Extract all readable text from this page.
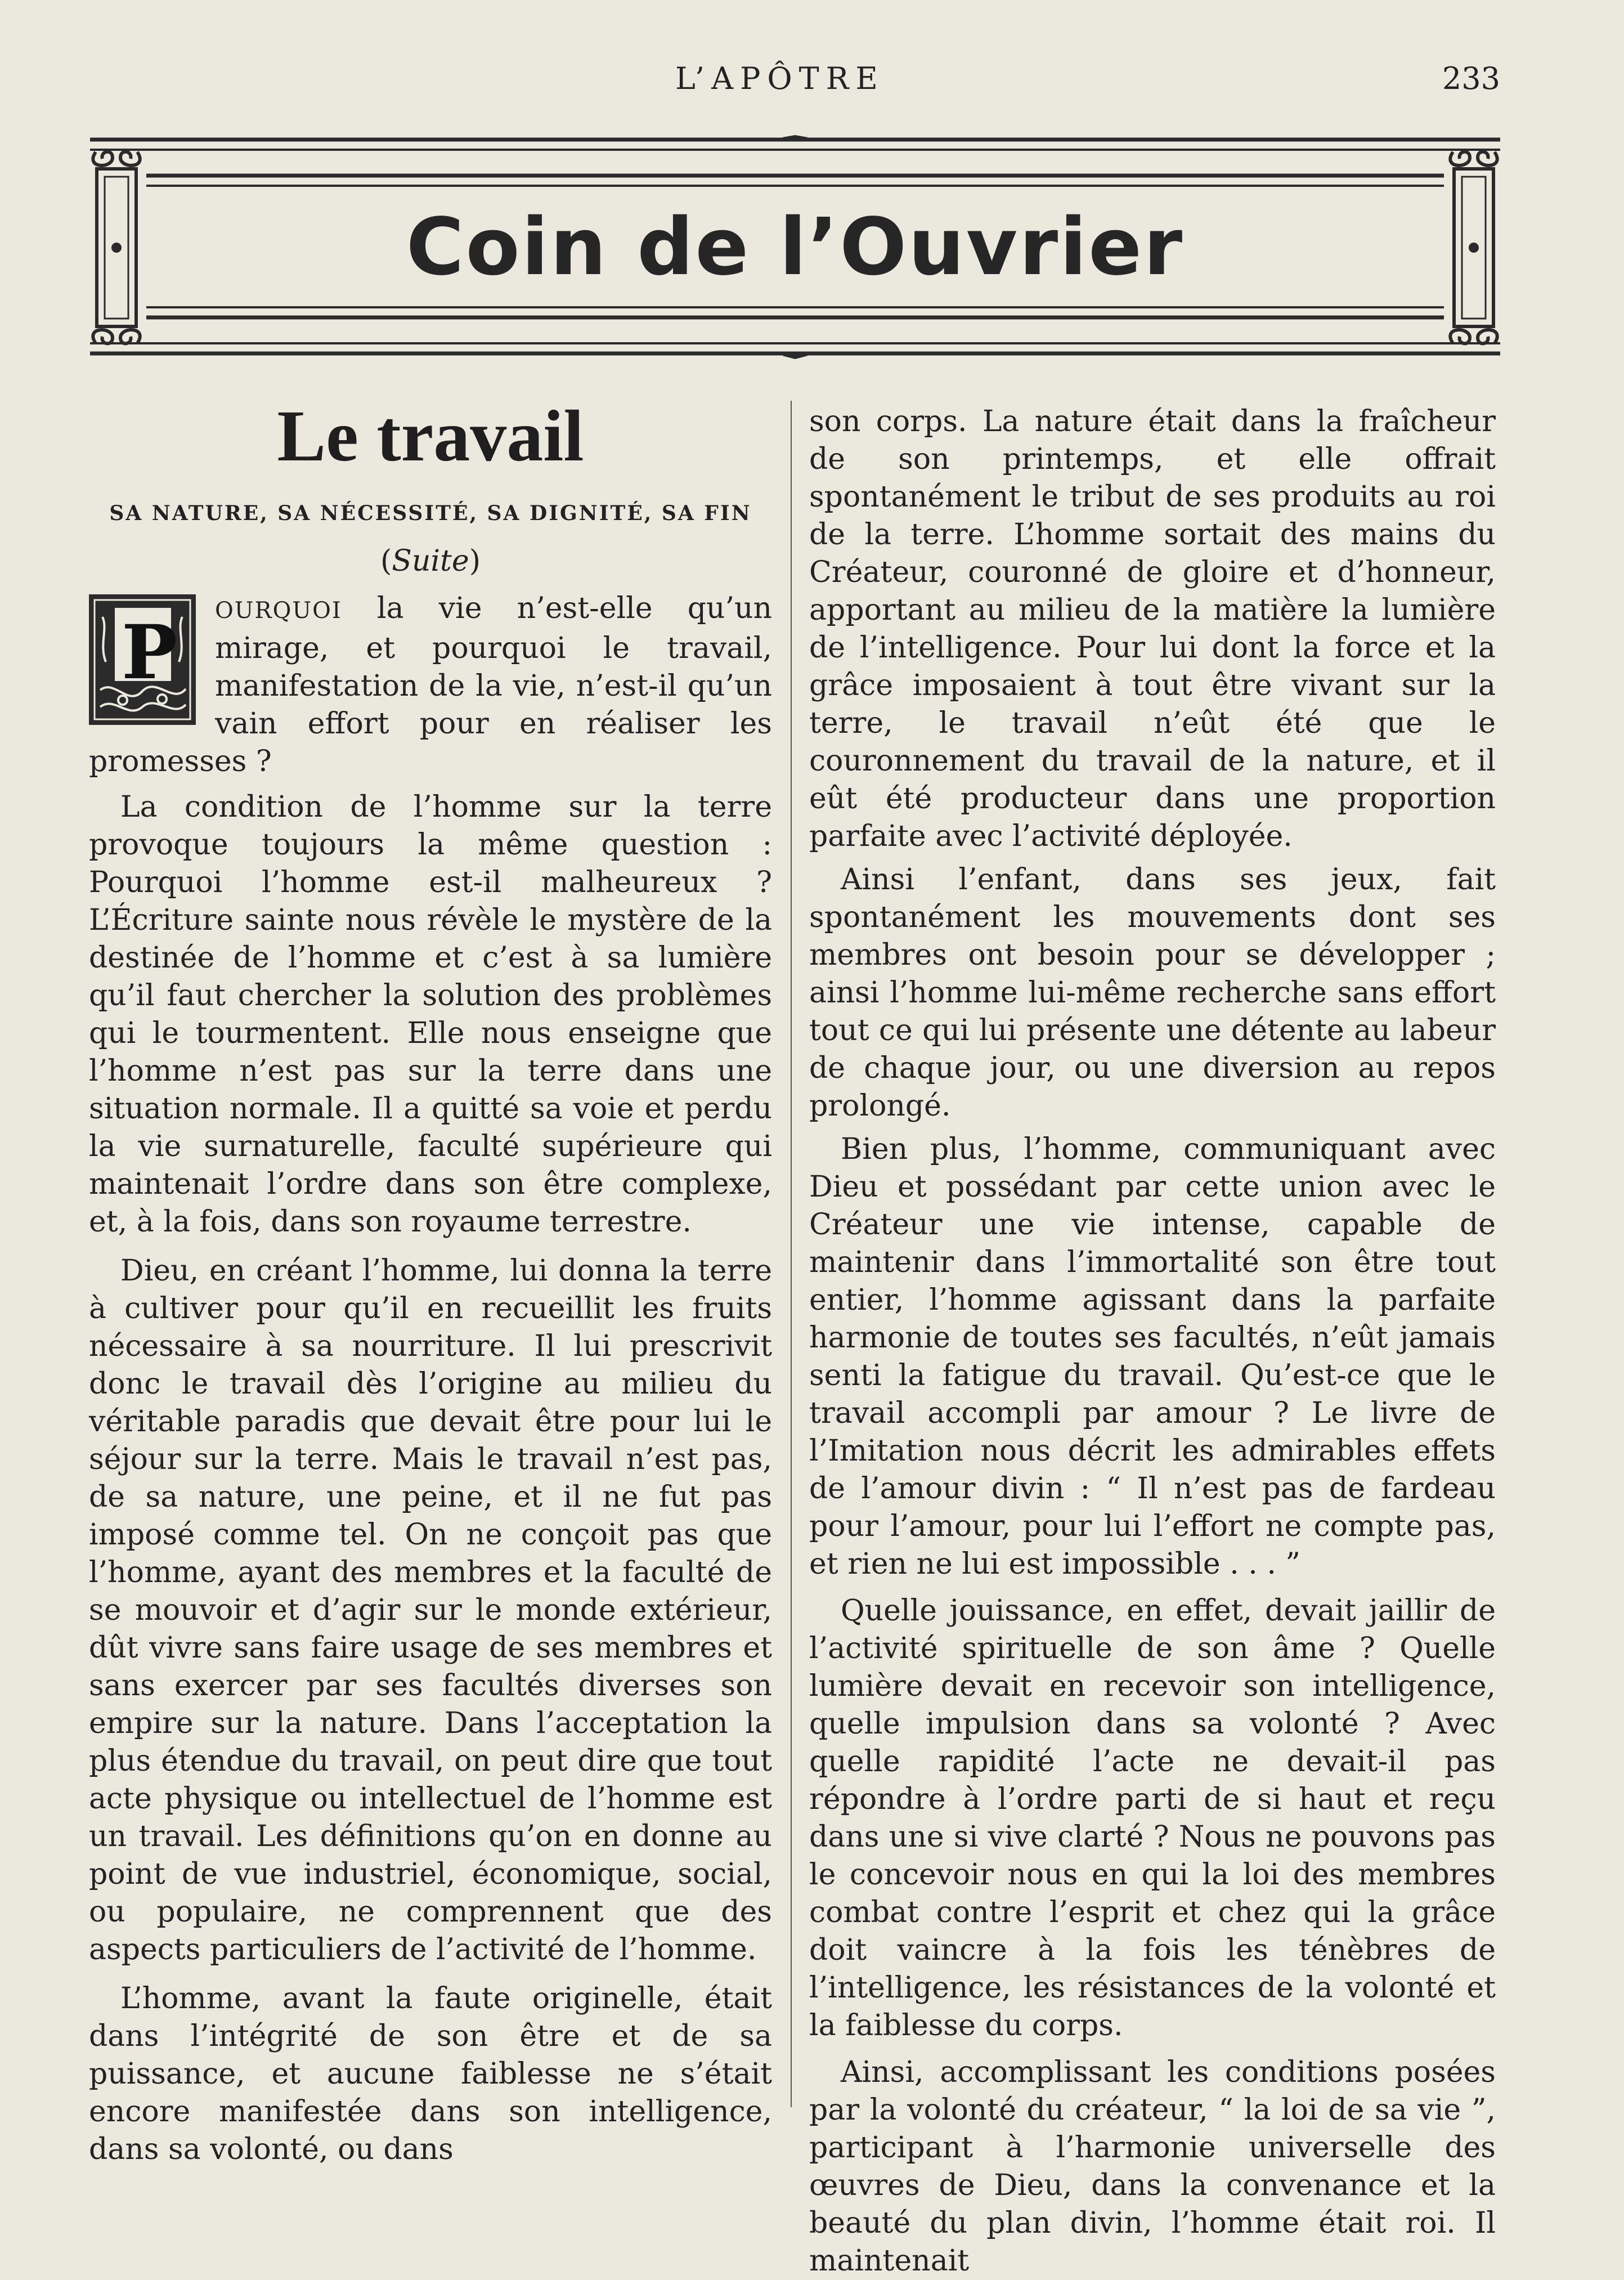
L’APÔTRE	233
Coin de l’Ouvrier
Le travail
SA NATURE, SA NÉCESSITÉ, SA DIGNITÉ, SA FIN
(Suite)

P OURQUOI la vie n’est-elle qu’un mirage, et pourquoi le travail, manifestation de la vie, n’est-il qu’un vain effort pour en réaliser les promesses ?

La condition de l’homme sur la terre provoque toujours la même question : Pourquoi l’homme est-il malheureux ? L’Écriture sainte nous révèle le mystère de la destinée de l’homme et c’est à sa lumière qu’il faut chercher la solution des problèmes qui le tourmentent. Elle nous enseigne que l’homme n’est pas sur la terre dans une situation normale. Il a quitté sa voie et perdu la vie surnaturelle, faculté supérieure qui maintenait l’ordre dans son être complexe, et, à la fois, dans son royaume terrestre.

Dieu, en créant l’homme, lui donna la terre à cultiver pour qu’il en recueillit les fruits nécessaire à sa nourriture. Il lui prescrivit donc le travail dès l’origine au milieu du véritable paradis que devait être pour lui le séjour sur la terre. Mais le travail n’est pas, de sa nature, une peine, et il ne fut pas imposé comme tel. On ne conçoit pas que l’homme, ayant des membres et la faculté de se mouvoir et d’agir sur le monde extérieur, dût vivre sans faire usage de ses membres et sans exercer par ses facultés diverses son empire sur la nature. Dans l’acceptation la plus étendue du travail, on peut dire que tout acte physique ou intellectuel de l’homme est un travail. Les définitions qu’on en donne au point de vue industriel, économique, social, ou populaire, ne comprennent que des aspects particuliers de l’activité de l’homme.

L’homme, avant la faute originelle, était dans l’intégrité de son être et de sa puissance, et aucune faiblesse ne s’était encore manifestée dans son intelligence, dans sa volonté, ou dans

son corps. La nature était dans la fraîcheur de son printemps, et elle offrait spontanément le tribut de ses produits au roi de la terre. L’homme sortait des mains du Créateur, couronné de gloire et d’honneur, apportant au milieu de la matière la lumière de l’intelligence. Pour lui dont la force et la grâce imposaient à tout être vivant sur la terre, le travail n’eût été que le couronnement du travail de la nature, et il eût été producteur dans une proportion parfaite avec l’activité déployée.

Ainsi l’enfant, dans ses jeux, fait spontanément les mouvements dont ses membres ont besoin pour se développer ; ainsi l’homme lui-même recherche sans effort tout ce qui lui présente une détente au labeur de chaque jour, ou une diversion au repos prolongé.

Bien plus, l’homme, communiquant avec Dieu et possédant par cette union avec le Créateur une vie intense, capable de maintenir dans l’immortalité son être tout entier, l’homme agissant dans la parfaite harmonie de toutes ses facultés, n’eût jamais senti la fatigue du travail. Qu’est-ce que le travail accompli par amour ? Le livre de l’Imitation nous décrit les admirables effets de l’amour divin : “ Il n’est pas de fardeau pour l’amour, pour lui l’effort ne compte pas, et rien ne lui est impossible . . . ”

Quelle jouissance, en effet, devait jaillir de l’activité spirituelle de son âme ? Quelle lumière devait en recevoir son intelligence, quelle impulsion dans sa volonté ? Avec quelle rapidité l’acte ne devait-il pas répondre à l’ordre parti de si haut et reçu dans une si vive clarté ? Nous ne pouvons pas le concevoir nous en qui la loi des membres combat contre l’esprit et chez qui la grâce doit vaincre à la fois les ténèbres de l’intelligence, les résistances de la volonté et la faiblesse du corps.

Ainsi, accomplissant les conditions posées par la volonté du créateur, “ la loi de sa vie ”, participant à l’harmonie universelle des œuvres de Dieu, dans la convenance et la beauté du plan divin, l’homme était roi. Il maintenait
